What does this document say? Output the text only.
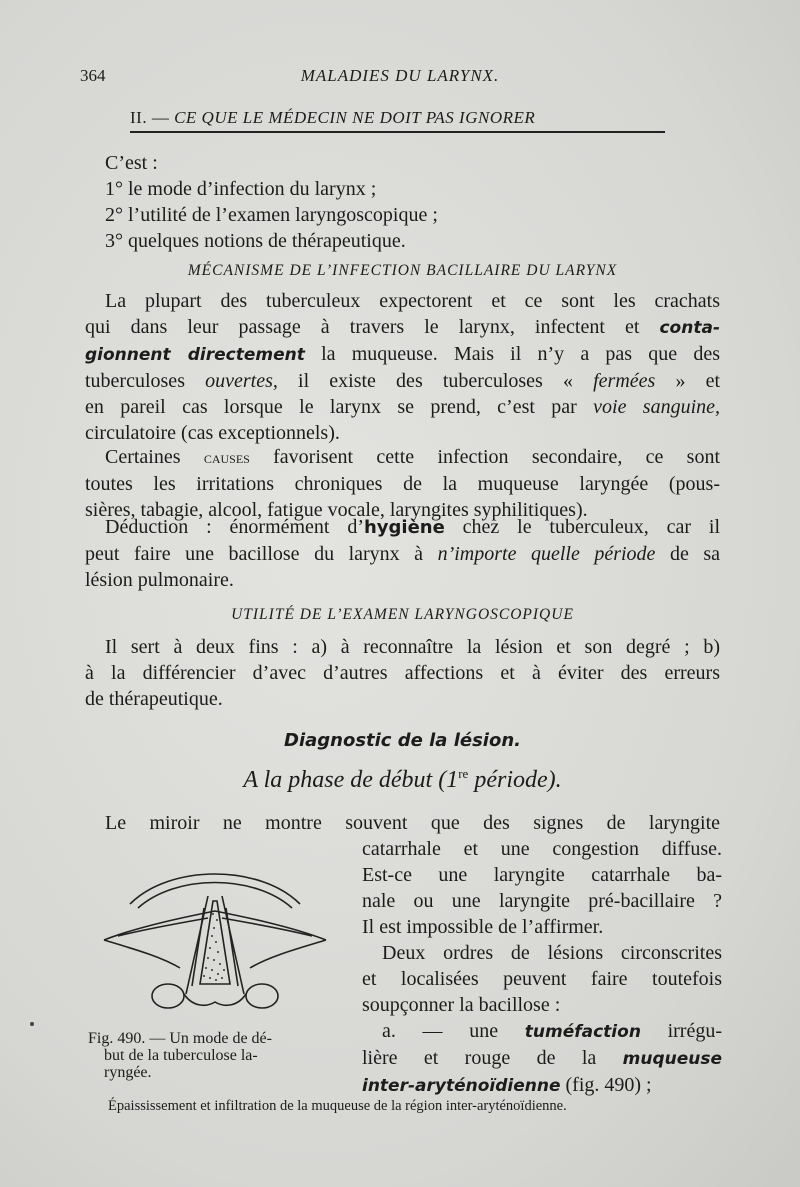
364	MALADIES DU LARYNX.
II. — CE QUE LE MÉDECIN NE DOIT PAS IGNORER
C’est :
1° le mode d’infection du larynx ;
2° l’utilité de l’examen laryngoscopique ;
3° quelques notions de thérapeutique.
MÉCANISME DE L’INFECTION BACILLAIRE DU LARYNX
La plupart des tuberculeux expectorent et ce sont les crachats
qui dans leur passage à travers le larynx, infectent et conta-
gionnent directement la muqueuse. Mais il n’y a pas que des
tuberculoses ouvertes, il existe des tuberculoses « fermées » et
en pareil cas lorsque le larynx se prend, c’est par voie sanguine,
circulatoire (cas exceptionnels).
Certaines causes favorisent cette infection secondaire, ce sont
toutes les irritations chroniques de la muqueuse laryngée (pous-
sières, tabagie, alcool, fatigue vocale, laryngites syphilitiques).
Déduction : énormément d’hygiène chez le tuberculeux, car il
peut faire une bacillose du larynx à n’importe quelle période de sa
lésion pulmonaire.
UTILITÉ DE L’EXAMEN LARYNGOSCOPIQUE
Il sert à deux fins : a) à reconnaître la lésion et son degré ; b)
à la différencier d’avec d’autres affections et à éviter des erreurs
de thérapeutique.
Diagnostic de la lésion.
A la phase de début (1re période).
Le miroir ne montre souvent que des signes de laryngite
catarrhale et une congestion diffuse.
Est-ce une laryngite catarrhale ba-
nale ou une laryngite pré-bacillaire ?
Il est impossible de l’affirmer.
Deux ordres de lésions circonscrites
et localisées peuvent faire toutefois
soupçonner la bacillose :
a. — une tuméfaction irrégu-
lière et rouge de la muqueuse
inter-aryténoïdienne (fig. 490) ;
Fig. 490. — Un mode de dé-
but de la tuberculose la-
ryngée.
Épaississement et infiltration de la muqueuse de la région inter-aryténoïdienne.
